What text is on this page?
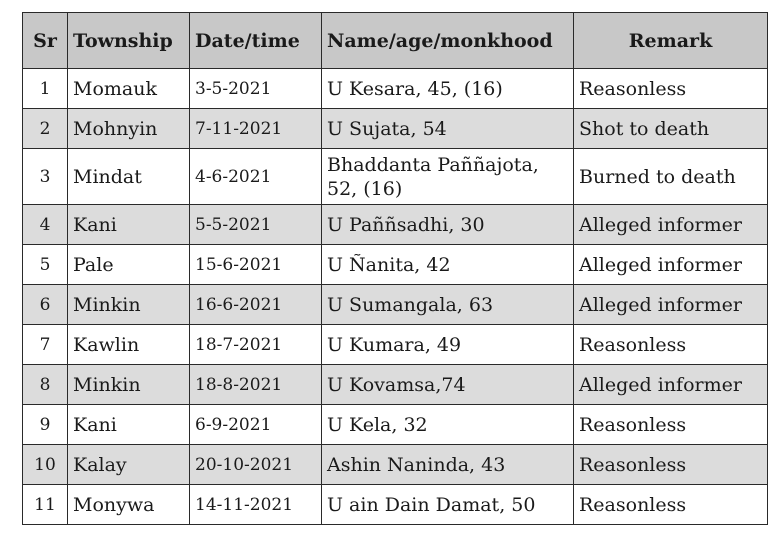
Sr	Township	Date/time	Name/age/monkhood	Remark
1	Momauk	3-5-2021	U Kesara, 45, (16)	Reasonless
2	Mohnyin	7-11-2021	U Sujata, 54	Shot to death
3	Mindat	4-6-2021	Bhaddanta Paññajota, 52, (16)	Burned to death
4	Kani	5-5-2021	U Paññsadhi, 30	Alleged informer
5	Pale	15-6-2021	U Ñanita, 42	Alleged informer
6	Minkin	16-6-2021	U Sumangala, 63	Alleged informer
7	Kawlin	18-7-2021	U Kumara, 49	Reasonless
8	Minkin	18-8-2021	U Kovamsa,74	Alleged informer
9	Kani	6-9-2021	U Kela, 32	Reasonless
10	Kalay	20-10-2021	Ashin Naninda, 43	Reasonless
11	Monywa	14-11-2021	U ain Dain Damat, 50	Reasonless
